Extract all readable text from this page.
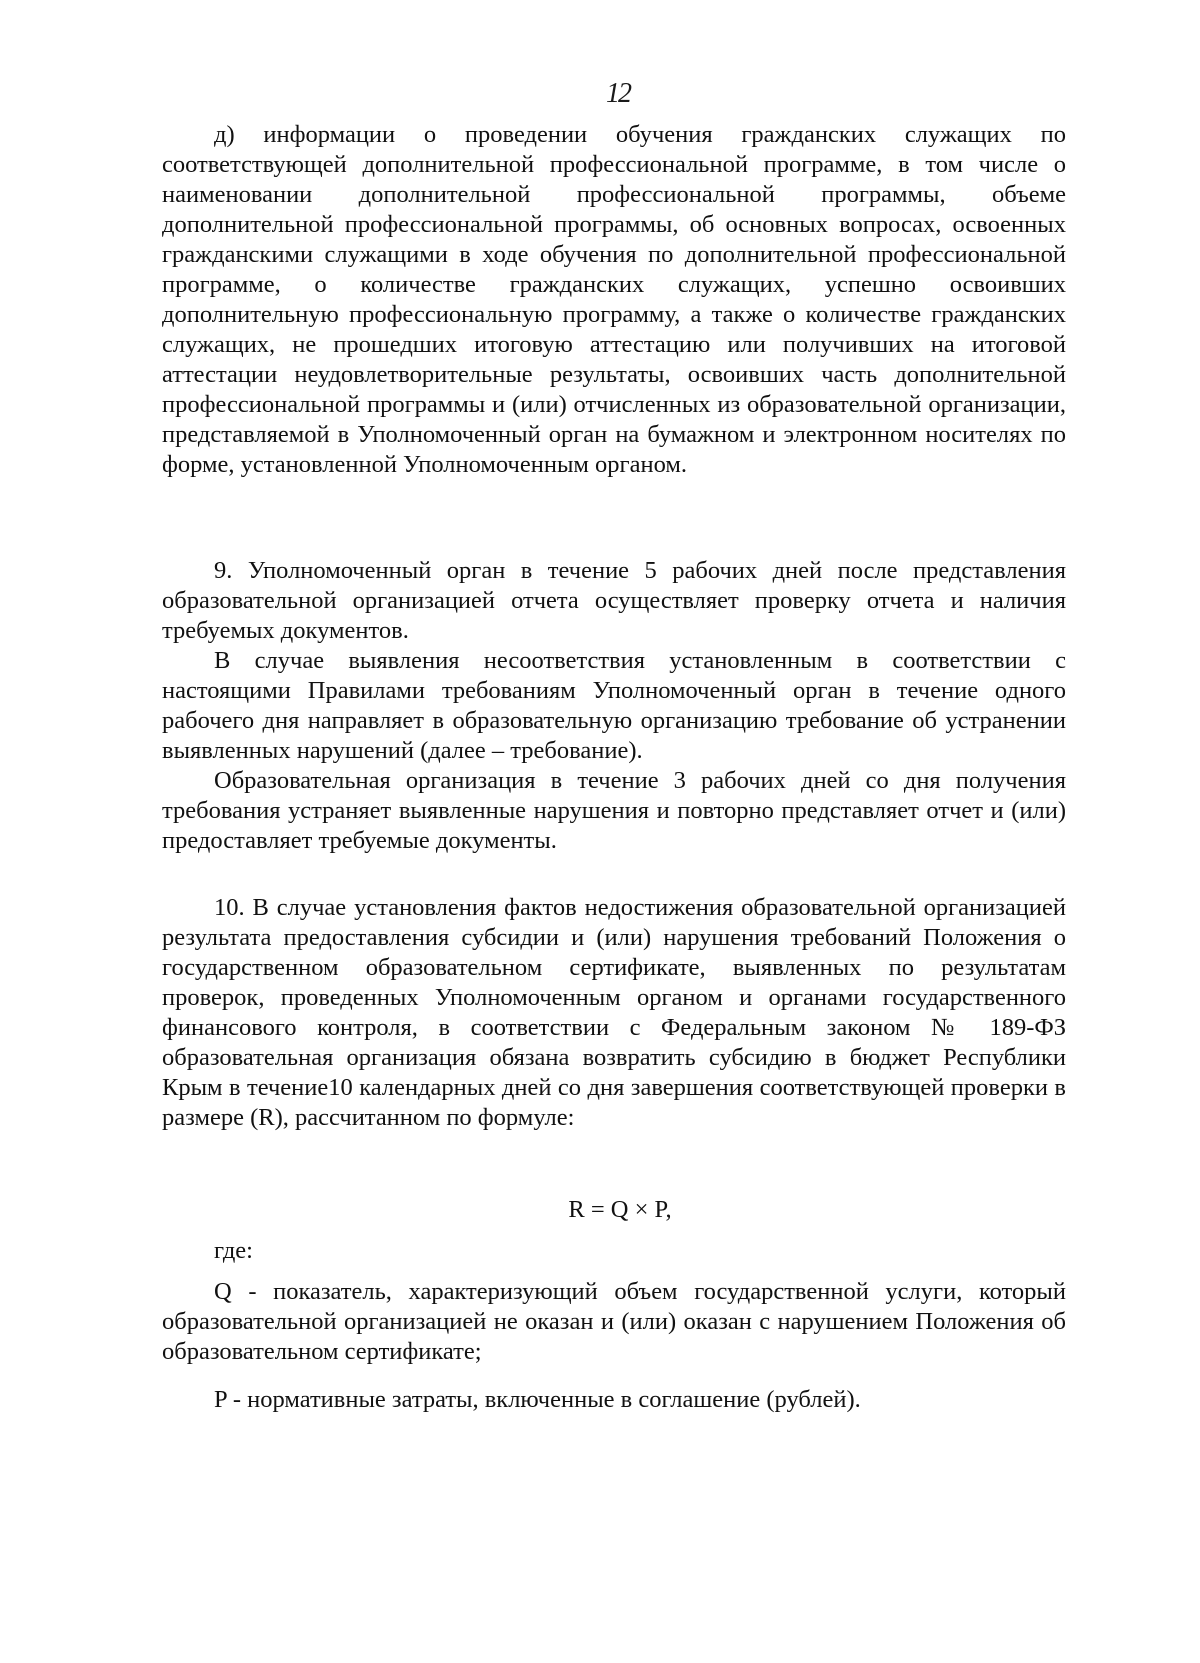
12

д) информации о проведении обучения гражданских служащих по соответствующей дополнительной профессиональной программе, в том числе о наименовании дополнительной профессиональной программы, объеме дополнительной профессиональной программы, об основных вопросах, освоенных гражданскими служащими в ходе обучения по дополнительной профессиональной программе, о количестве гражданских служащих, успешно освоивших дополнительную профессиональную программу, а также о количестве гражданских служащих, не прошедших итоговую аттестацию или получивших на итоговой аттестации неудовлетворительные результаты, освоивших часть дополнительной профессиональной программы и (или) отчисленных из образовательной организации, представляемой в Уполномоченный орган на бумажном и электронном носителях по форме, установленной Уполномоченным органом.

9. Уполномоченный орган в течение 5 рабочих дней после представления образовательной организацией отчета осуществляет проверку отчета и наличия требуемых документов.

В случае выявления несоответствия установленным в соответствии с настоящими Правилами требованиям Уполномоченный орган в течение одного рабочего дня направляет в образовательную организацию требование об устранении выявленных нарушений (далее – требование).

Образовательная организация в течение 3 рабочих дней со дня получения требования устраняет выявленные нарушения и повторно представляет отчет и (или) предоставляет требуемые документы.

10. В случае установления фактов недостижения образовательной организацией результата предоставления субсидии и (или) нарушения требований Положения о государственном образовательном сертификате, выявленных по результатам проверок, проведенных Уполномоченным органом и органами государственного финансового контроля, в соответствии с Федеральным законом № 189-ФЗ образовательная организация обязана возвратить субсидию в бюджет Республики Крым в течение10 календарных дней со дня завершения соответствующей проверки в размере (R), рассчитанном по формуле:

R = Q × P,
где:

Q - показатель, характеризующий объем государственной услуги, который образовательной организацией не оказан и (или) оказан с нарушением Положения об образовательном сертификате;

P - нормативные затраты, включенные в соглашение (рублей).
